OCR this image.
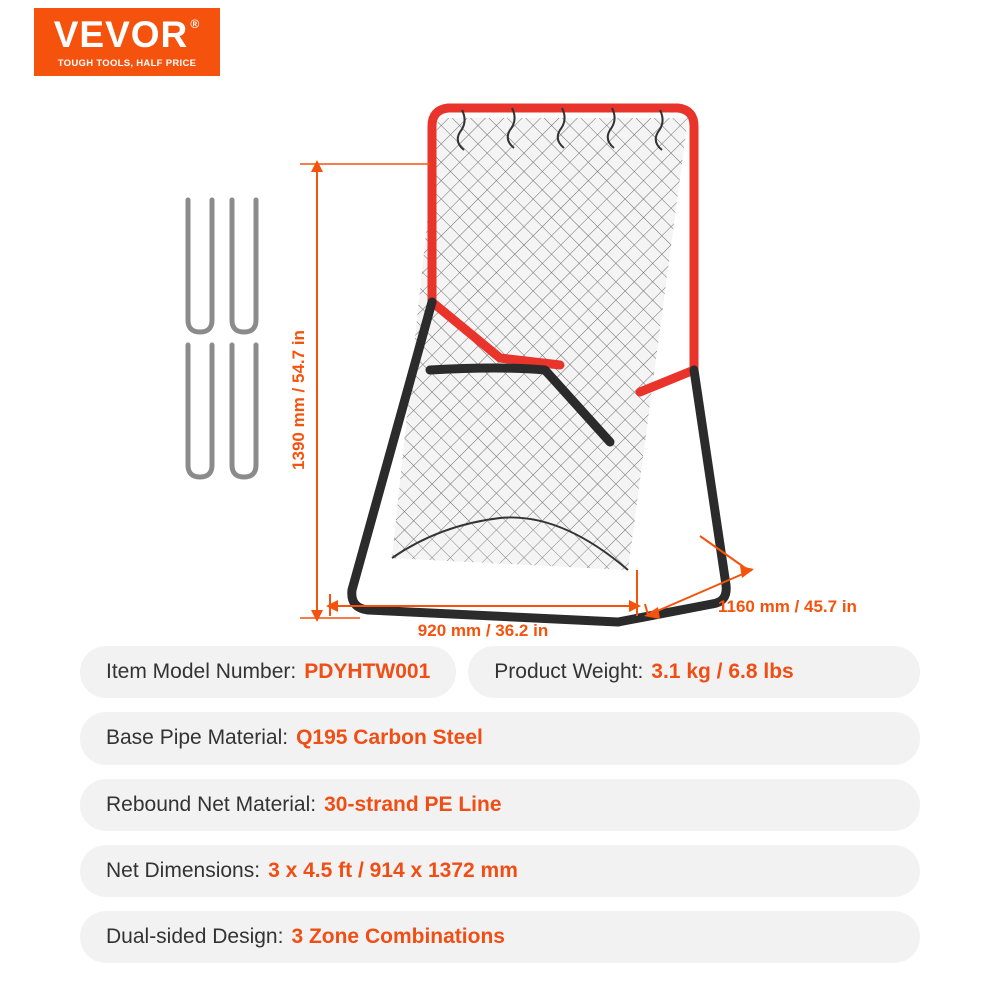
VEVOR ®
TOUGH TOOLS, HALF PRICE
1390 mm / 54.7 in
920 mm / 36.2 in
1160 mm / 45.7 in
Item Model Number: PDYHTW001	Product Weight: 3.1 kg / 6.8 lbs
Base Pipe Material: Q195 Carbon Steel
Rebound Net Material: 30-strand PE Line
Net Dimensions: 3 x 4.5 ft / 914 x 1372 mm
Dual-sided Design: 3 Zone Combinations
